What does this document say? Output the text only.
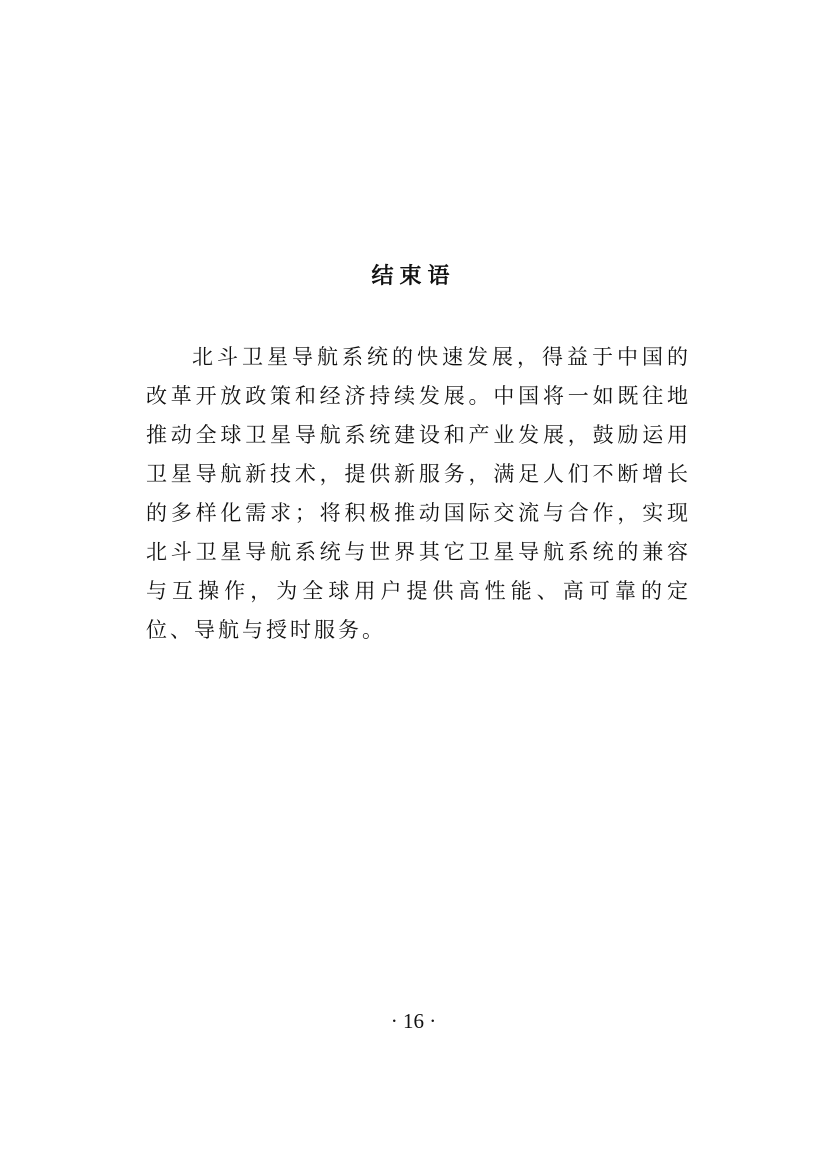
结束语

北斗卫星导航系统的快速发展，得益于中国的改革开放政策和经济持续发展。中国将一如既往地推动全球卫星导航系统建设和产业发展，鼓励运用卫星导航新技术，提供新服务，满足人们不断增长的多样化需求；将积极推动国际交流与合作，实现北斗卫星导航系统与世界其它卫星导航系统的兼容与互操作，为全球用户提供高性能、高可靠的定位、导航与授时服务。

· 16 ·
